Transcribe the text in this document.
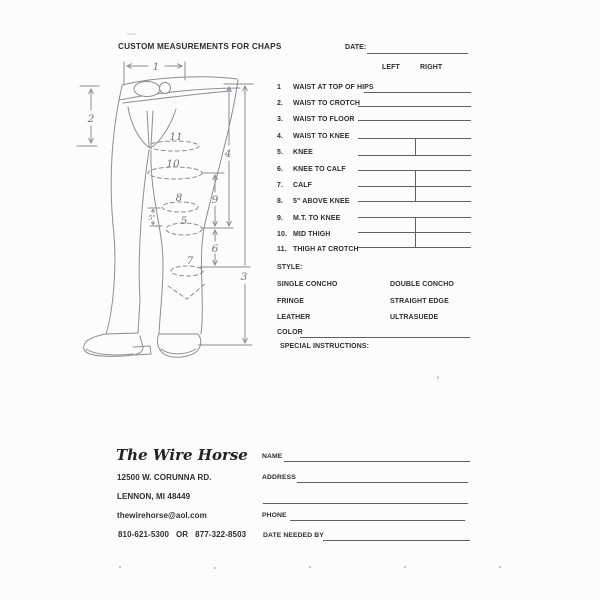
CUSTOM MEASUREMENTS FOR CHAPS
1
2
3
4
5
6
7
8	9
10
11
5"
DATE:
LEFT	RIGHT
1	WAIST AT TOP OF HIPS
2.	WAIST TO CROTCH
3.	WAIST TO FLOOR
4.	WAIST TO KNEE
5.	KNEE
6.	KNEE TO CALF
7.	CALF
8.	5" ABOVE KNEE
9.	M.T. TO KNEE
10. MID THIGH
11. THIGH AT CROTCH
STYLE:
SINGLE CONCHO	DOUBLE CONCHO
FRINGE	STRAIGHT EDGE
LEATHER	ULTRASUEDE
COLOR
SPECIAL INSTRUCTIONS:
The Wire Horse
12500 W. CORUNNA RD.
LENNON, MI 48449
thewirehorse@aol.com
810-621-5300   OR   877-322-8503
NAME
ADDRESS
PHONE
DATE NEEDED BY
